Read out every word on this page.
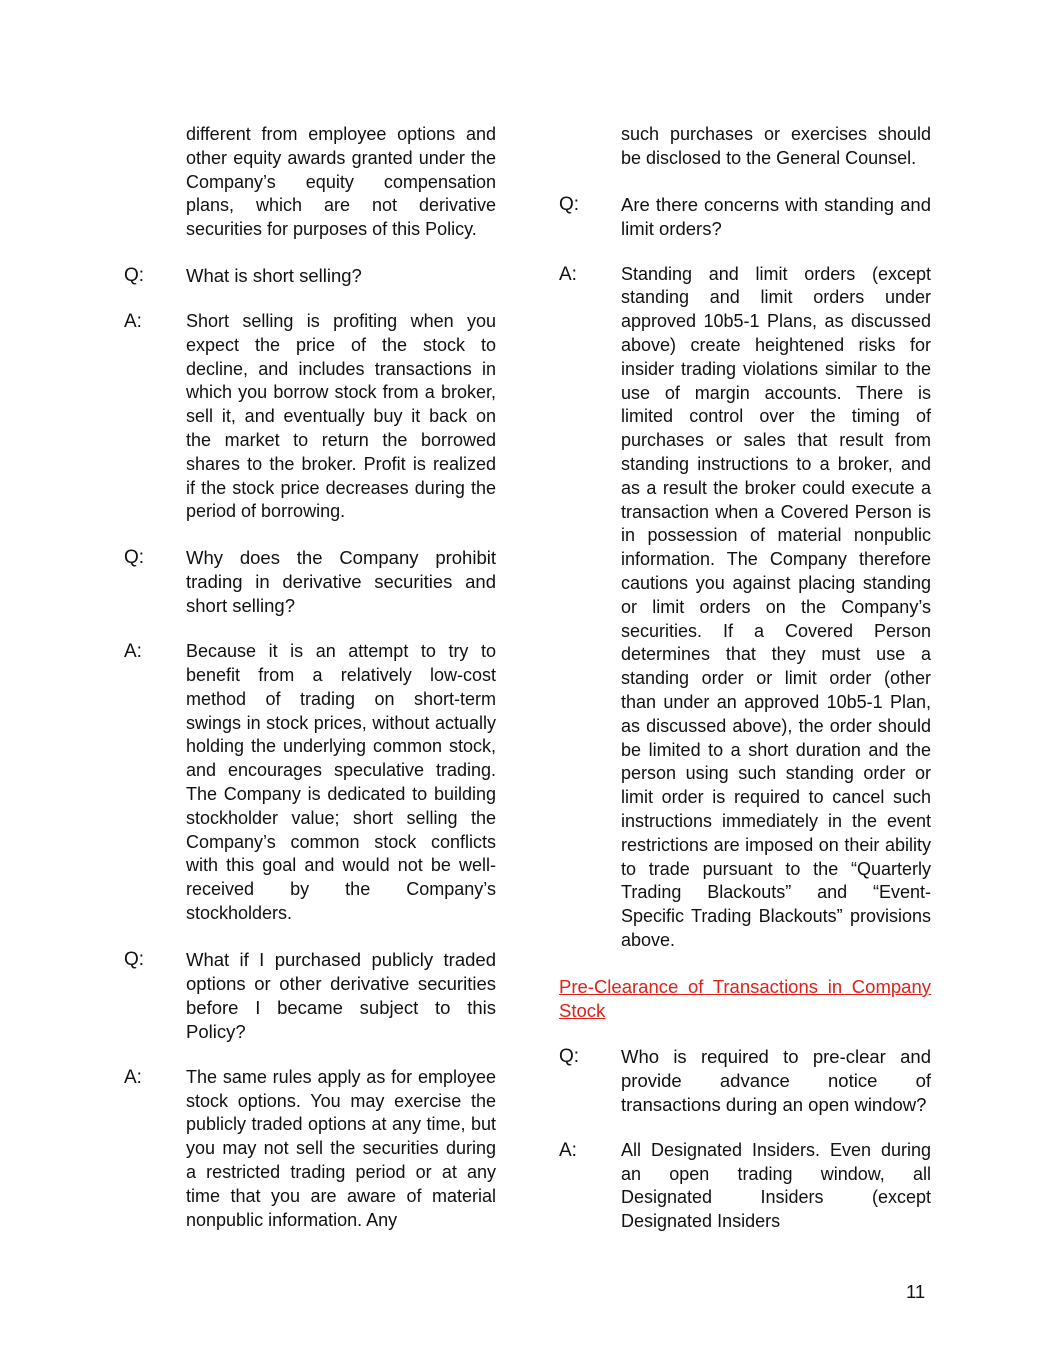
different from employee options and other equity awards granted under the Company’s equity compensation plans, which are not derivative securities for purposes of this Policy.
Q:	What is short selling?
A:	Short selling is profiting when you expect the price of the stock to decline, and includes transactions in which you borrow stock from a broker, sell it, and eventually buy it back on the market to return the borrowed shares to the broker. Profit is realized if the stock price decreases during the period of borrowing.
Q:	Why does the Company prohibit trading in derivative securities and short selling?
A:	Because it is an attempt to try to benefit from a relatively low-cost method of trading on short-term swings in stock prices, without actually holding the underlying common stock, and encourages speculative trading. The Company is dedicated to building stockholder value; short selling the Company’s common stock conflicts with this goal and would not be well-received by the Company’s stockholders.
Q:	What if I purchased publicly traded options or other derivative securities before I became subject to this Policy?
A:	The same rules apply as for employee stock options. You may exercise the publicly traded options at any time, but you may not sell the securities during a restricted trading period or at any time that you are aware of material nonpublic information. Any
such purchases or exercises should be disclosed to the General Counsel.
Q:	Are there concerns with standing and limit orders?
A:	Standing and limit orders (except standing and limit orders under approved 10b5-1 Plans, as discussed above) create heightened risks for insider trading violations similar to the use of margin accounts. There is limited control over the timing of purchases or sales that result from standing instructions to a broker, and as a result the broker could execute a transaction when a Covered Person is in possession of material nonpublic information. The Company therefore cautions you against placing standing or limit orders on the Company’s securities. If a Covered Person determines that they must use a standing order or limit order (other than under an approved 10b5-1 Plan, as discussed above), the order should be limited to a short duration and the person using such standing order or limit order is required to cancel such instructions immediately in the event restrictions are imposed on their ability to trade pursuant to the “Quarterly Trading Blackouts” and “Event-Specific Trading Blackouts” provisions above.
Pre-Clearance of Transactions in Company Stock
Q:	Who is required to pre-clear and provide advance notice of transactions during an open window?
A:	All Designated Insiders. Even during an open trading window, all Designated Insiders (except Designated Insiders
11
